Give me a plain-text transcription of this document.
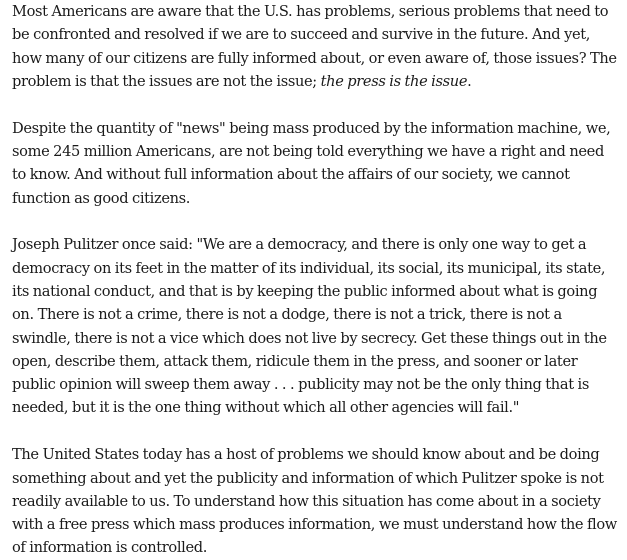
Most Americans are aware that the U.S. has problems, serious problems that need to be confronted and resolved if we are to succeed and survive in the future. And yet, how many of our citizens are fully informed about, or even aware of, those issues? The problem is that the issues are not the issue; the press is the issue.

Despite the quantity of "news" being mass produced by the information machine, we, some 245 million Americans, are not being told everything we have a right and need to know. And without full information about the affairs of our society, we cannot function as good citizens.

Joseph Pulitzer once said: "We are a democracy, and there is only one way to get a democracy on its feet in the matter of its individual, its social, its municipal, its state, its national conduct, and that is by keeping the public informed about what is going on. There is not a crime, there is not a dodge, there is not a trick, there is not a swindle, there is not a vice which does not live by secrecy. Get these things out in the open, describe them, attack them, ridicule them in the press, and sooner or later public opinion will sweep them away . . . publicity may not be the only thing that is needed, but it is the one thing without which all other agencies will fail."

The United States today has a host of problems we should know about and be doing something about and yet the publicity and information of which Pulitzer spoke is not readily available to us. To understand how this situation has come about in a society with a free press which mass produces information, we must understand how the flow of information is controlled.
